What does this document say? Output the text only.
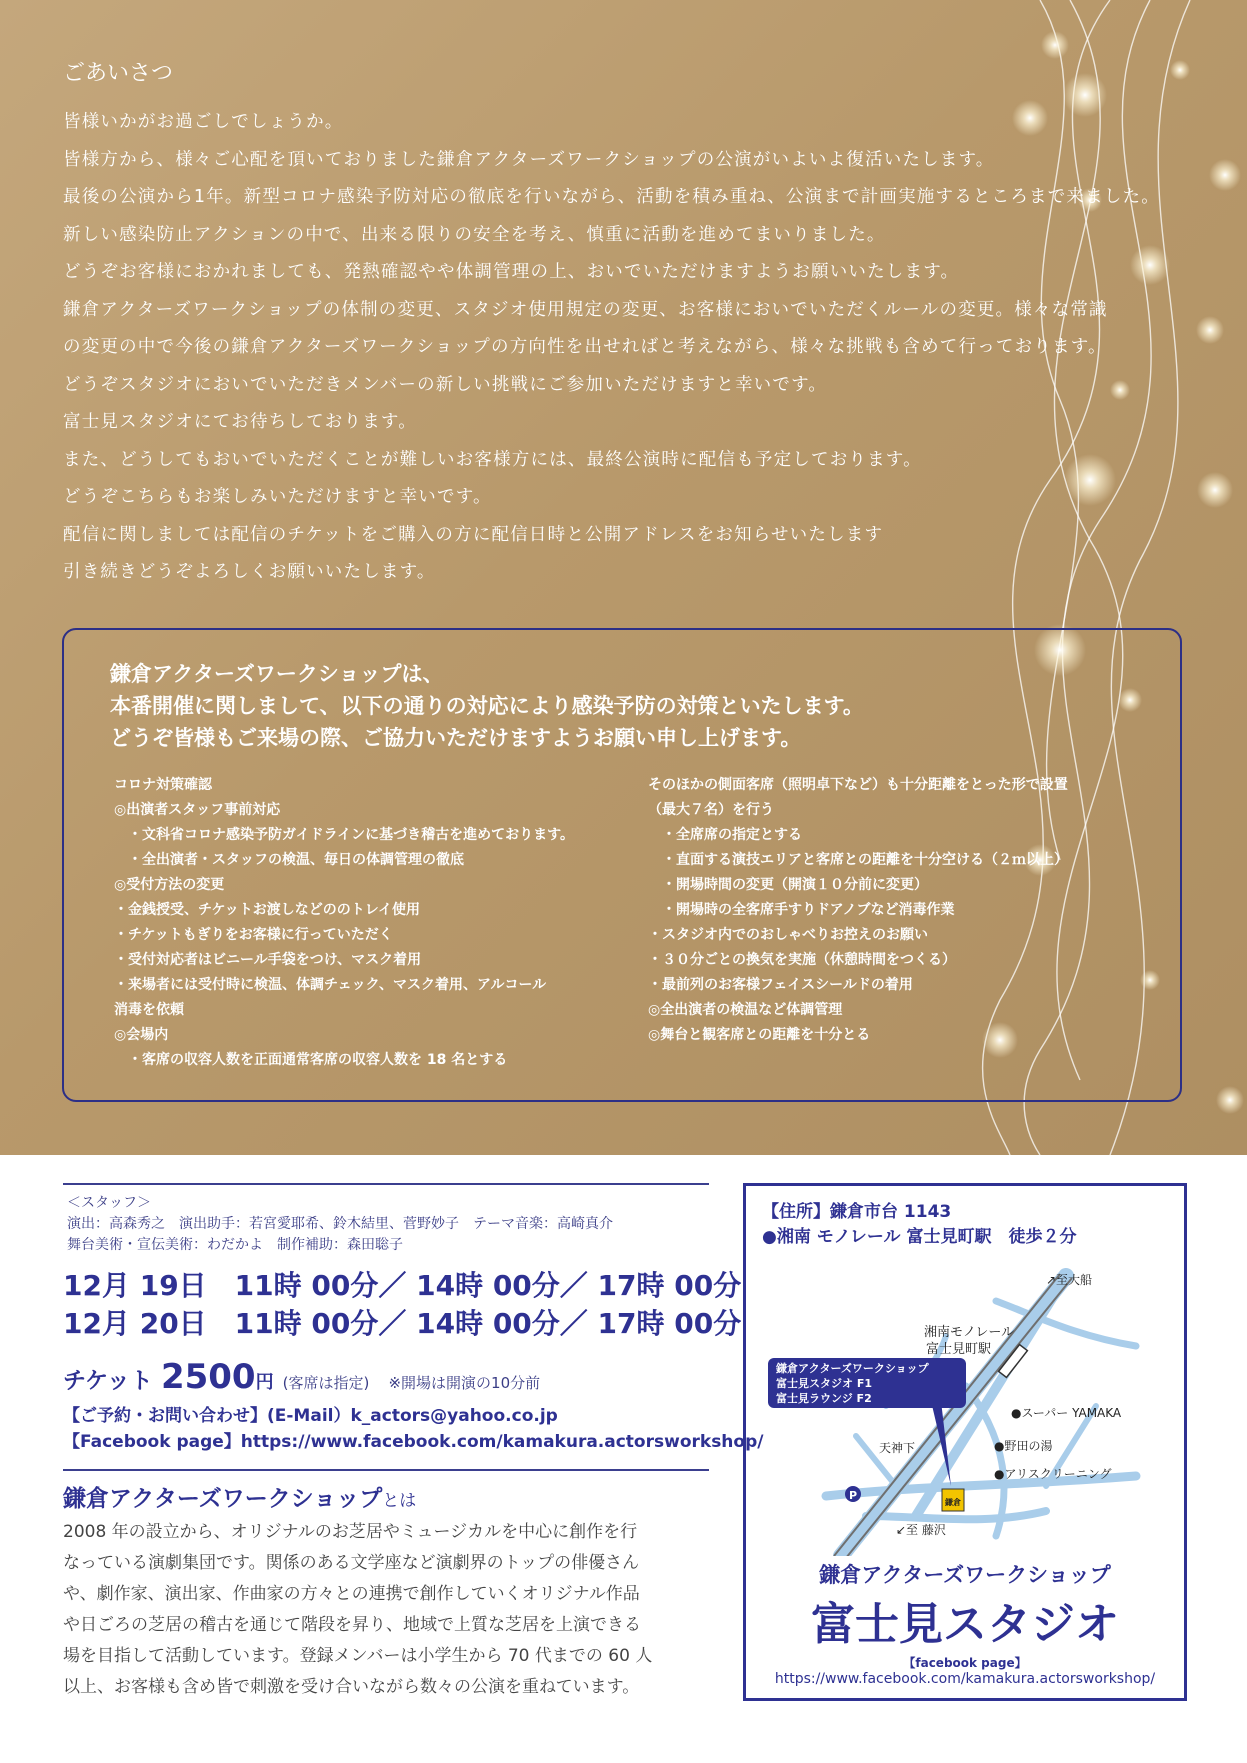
ごあいさつ
皆様いかがお過ごしでしょうか。
皆様方から、様々ご心配を頂いておりました鎌倉アクターズワークショップの公演がいよいよ復活いたします。
最後の公演から1年。新型コロナ感染予防対応の徹底を行いながら、活動を積み重ね、公演まで計画実施するところまで来ました。
新しい感染防止アクションの中で、出来る限りの安全を考え、慎重に活動を進めてまいりました。
どうぞお客様におかれましても、発熱確認やや体調管理の上、おいでいただけますようお願いいたします。
鎌倉アクターズワークショップの体制の変更、スタジオ使用規定の変更、お客様においでいただくルールの変更。様々な常識
の変更の中で今後の鎌倉アクターズワークショップの方向性を出せればと考えながら、様々な挑戦も含めて行っております。
どうぞスタジオにおいでいただきメンバーの新しい挑戦にご参加いただけますと幸いです。
富士見スタジオにてお待ちしております。
また、どうしてもおいでいただくことが難しいお客様方には、最終公演時に配信も予定しております。
どうぞこちらもお楽しみいただけますと幸いです。
配信に関しましては配信のチケットをご購入の方に配信日時と公開アドレスをお知らせいたします
引き続きどうぞよろしくお願いいたします。
鎌倉アクターズワークショップは、
本番開催に関しまして、以下の通りの対応により感染予防の対策といたします。
どうぞ皆様もご来場の際、ご協力いただけますようお願い申し上げます。
コロナ対策確認
◎出演者スタッフ事前対応
・文科省コロナ感染予防ガイドラインに基づき稽古を進めております。
・全出演者・スタッフの検温、毎日の体調管理の徹底
◎受付方法の変更
・金銭授受、チケットお渡しなどののトレイ使用
・チケットもぎりをお客様に行っていただく
・受付対応者はビニール手袋をつけ、マスク着用
・来場者には受付時に検温、体調チェック、マスク着用、アルコール
消毒を依頼
◎会場内
・客席の収容人数を正面通常客席の収容人数を 18 名とする
そのほかの側面客席（照明卓下など）も十分距離をとった形で設置
（最大７名）を行う
・全席席の指定とする
・直面する演技エリアと客席との距離を十分空ける（２ｍ以上）
・開場時間の変更（開演１０分前に変更）
・開場時の全客席手すりドアノブなど消毒作業
・スタジオ内でのおしゃべりお控えのお願い
・３０分ごとの換気を実施（休憩時間をつくる）
・最前列のお客様フェイスシールドの着用
◎全出演者の検温など体調管理
◎舞台と観客席との距離を十分とる
＜スタッフ＞
演出：高森秀之　演出助手：若宮愛耶希、鈴木結里、菅野妙子　テーマ音楽：高崎真介
舞台美術・宣伝美術：わだかよ　制作補助：森田聡子
12月 19日　11時 00分／ 14時 00分／ 17時 00分
12月 20日　11時 00分／ 14時 00分／ 17時 00分
チケット 2500円 (客席は指定) ※開場は開演の10分前
【ご予約・お問い合わせ】(E-Mail）k_actors@yahoo.co.jp
【Facebook page】https://www.facebook.com/kamakura.actorsworkshop/
鎌倉アクターズワークショップとは
2008 年の設立から、オリジナルのお芝居やミュージカルを中心に創作を行
なっている演劇集団です。関係のある文学座など演劇界のトップの俳優さん
や、劇作家、演出家、作曲家の方々との連携で創作していくオリジナル作品
や日ごろの芝居の稽古を通じて階段を昇り、地域で上質な芝居を上演できる
場を目指して活動しています。登録メンバーは小学生から 70 代までの 60 人
以上、お客様も含め皆で刺激を受け合いながら数々の公演を重ねています。
【住所】鎌倉市台 1143
●湘南 モノレール 富士見町駅　徒歩２分
↗至大船
湘南モノレール
富士見町駅
●スーパー YAMAKA
●野田の湯
●アリスクリーニング
天神下
P
↙至 藤沢
鎌倉
鎌倉アクターズワークショップ
富士見スタジオ F1
富士見ラウンジ F2
鎌倉アクターズワークショップ
富士見スタジオ
【facebook page】
https://www.facebook.com/kamakura.actorsworkshop/
